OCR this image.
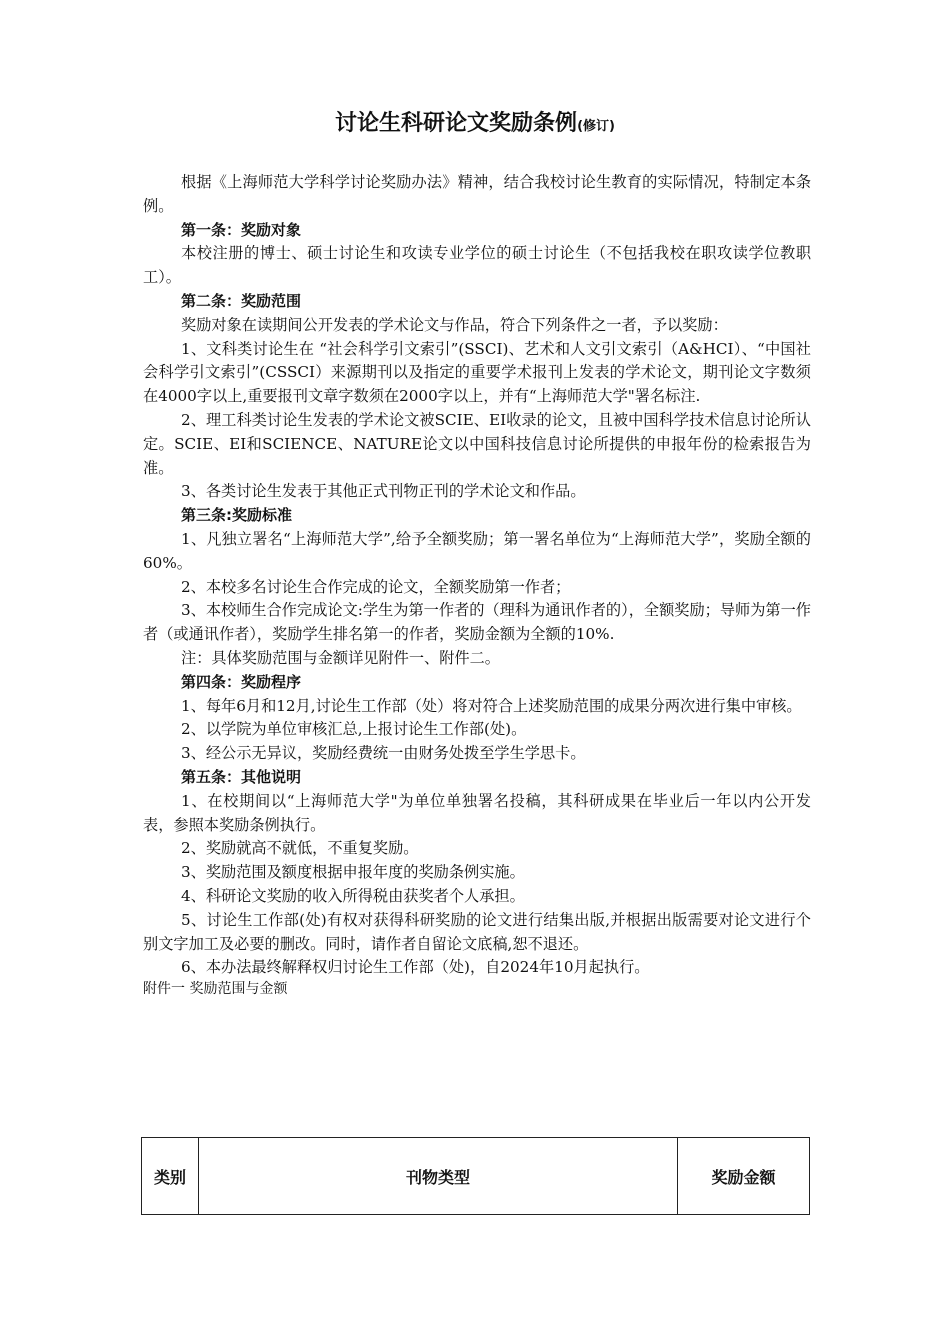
讨论生科研论文奖励条例(修订)

根据《上海师范大学科学讨论奖励办法》精神，结合我校讨论生教育的实际情况，特制定本条例。

第一条：奖励对象

本校注册的博士、硕士讨论生和攻读专业学位的硕士讨论生（不包括我校在职攻读学位教职工）。

第二条：奖励范围

奖励对象在读期间公开发表的学术论文与作品，符合下列条件之一者，予以奖励：

1、文科类讨论生在 “社会科学引文索引”(SSCI)、艺术和人文引文索引（A&HCI）、“中国社会科学引文索引”(CSSCI）来源期刊以及指定的重要学术报刊上发表的学术论文，期刊论文字数须在4000字以上,重要报刊文章字数须在2000字以上，并有“上海师范大学"署名标注.

2、理工科类讨论生发表的学术论文被SCIE、EI收录的论文，且被中国科学技术信息讨论所认定。SCIE、EI和SCIENCE、NATURE论文以中国科技信息讨论所提供的申报年份的检索报告为准。

3、各类讨论生发表于其他正式刊物正刊的学术论文和作品。

第三条:奖励标准

1、凡独立署名“上海师范大学”,给予全额奖励；第一署名单位为“上海师范大学”，奖励全额的60%。

2、本校多名讨论生合作完成的论文，全额奖励第一作者；

3、本校师生合作完成论文:学生为第一作者的（理科为通讯作者的），全额奖励；导师为第一作者（或通讯作者），奖励学生排名第一的作者，奖励金额为全额的10%.

注：具体奖励范围与金额详见附件一、附件二。

第四条：奖励程序

1、每年6月和12月,讨论生工作部（处）将对符合上述奖励范围的成果分两次进行集中审核。

2、以学院为单位审核汇总,上报讨论生工作部(处)。

3、经公示无异议，奖励经费统一由财务处拨至学生学思卡。

第五条：其他说明

1、在校期间以“上海师范大学"为单位单独署名投稿，其科研成果在毕业后一年以内公开发表，参照本奖励条例执行。

2、奖励就高不就低，不重复奖励。

3、奖励范围及额度根据申报年度的奖励条例实施。

4、科研论文奖励的收入所得税由获奖者个人承担。

5、讨论生工作部(处)有权对获得科研奖励的论文进行结集出版,并根据出版需要对论文进行个别文字加工及必要的删改。同时，请作者自留论文底稿,恕不退还。

6、本办法最终解释权归讨论生工作部（处)，自2024年10月起执行。

附件一 奖励范围与金额

类别	刊物类型	奖励金额
